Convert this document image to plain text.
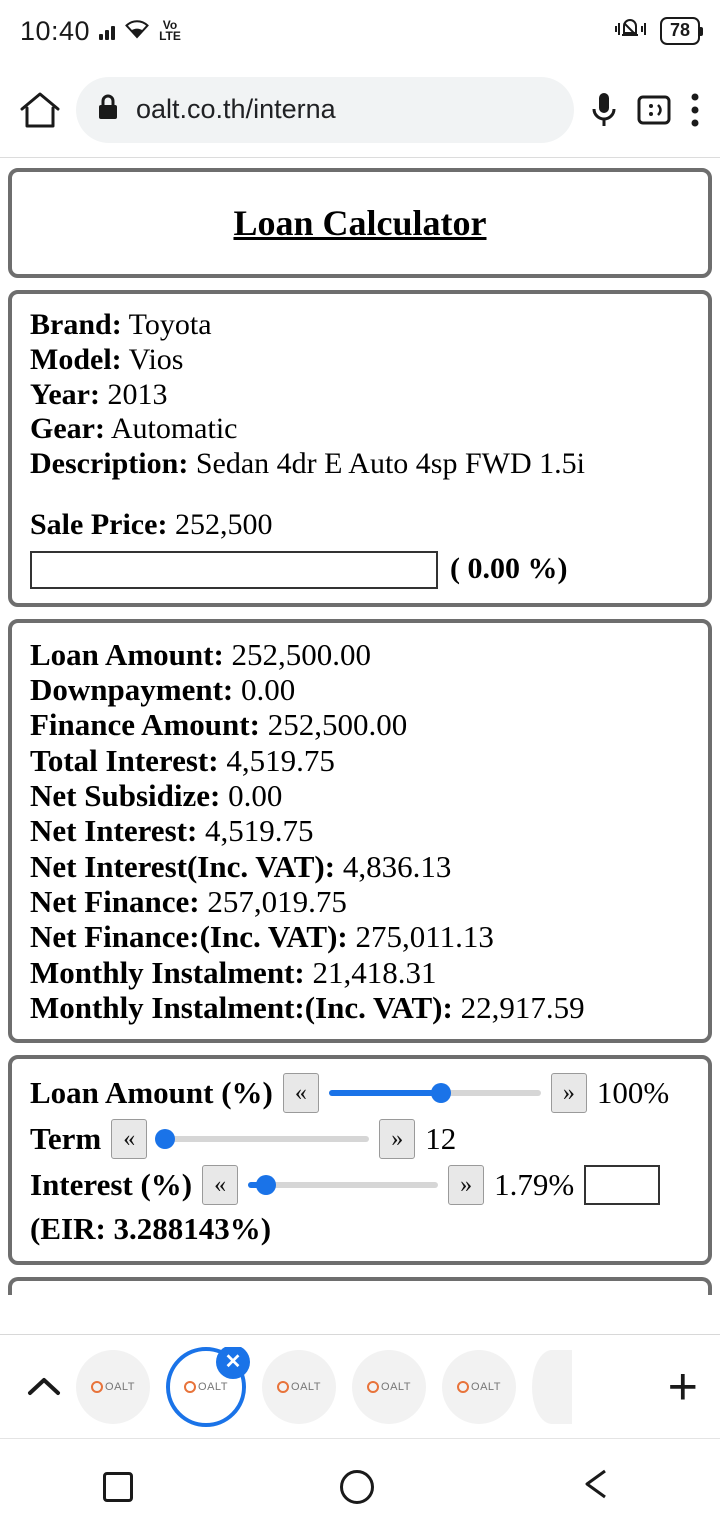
10:40	Vo
LTE	78
oalt.co.th/interna
Loan Calculator
Brand: Toyota
Model: Vios
Year: 2013
Gear: Automatic
Description: Sedan 4dr E Auto 4sp FWD 1.5i
Sale Price: 252,500
( 0.00 %)
Loan Amount: 252,500.00
Downpayment: 0.00
Finance Amount: 252,500.00
Total Interest: 4,519.75
Net Subsidize: 0.00
Net Interest: 4,519.75
Net Interest(Inc. VAT): 4,836.13
Net Finance: 257,019.75
Net Finance:(Inc. VAT): 275,011.13
Monthly Instalment: 21,418.31
Monthly Instalment:(Inc. VAT): 22,917.59
Loan Amount (%) «	» 100%
Term «	» 12
Interest (%) «	» 1.79%
(EIR: 3.288143%)
OALT	OALT
✕
OALT	OALT	OALT	+
